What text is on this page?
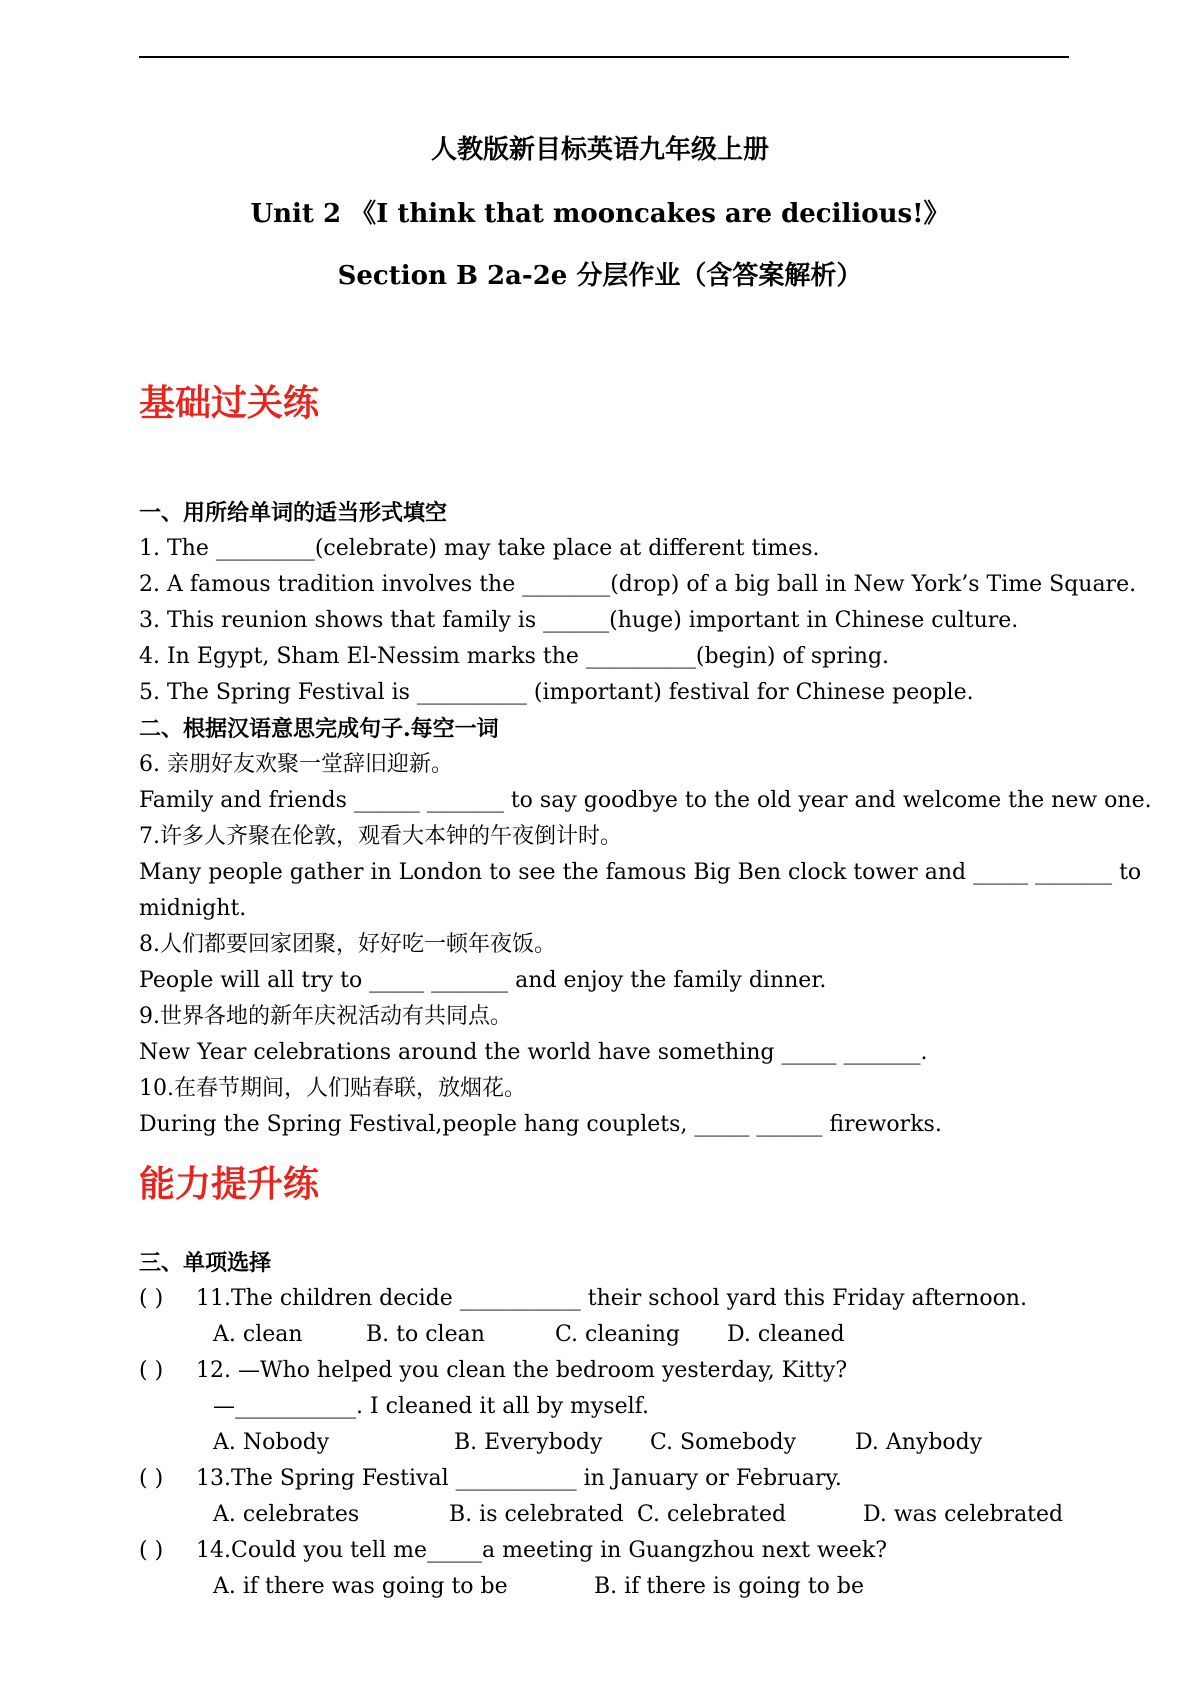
人教版新目标英语九年级上册
Unit 2 《I think that mooncakes are decilious!》
Section B 2a-2e 分层作业（含答案解析）
基础过关练
一、用所给单词的适当形式填空
1. The _________(celebrate) may take place at different times.
2. A famous tradition involves the ________(drop) of a big ball in New York’s Time Square.
3. This reunion shows that family is ______(huge) important in Chinese culture.
4. In Egypt, Sham El-Nessim marks the __________(begin) of spring.
5. The Spring Festival is __________ (important) festival for Chinese people.
二、根据汉语意思完成句子.每空一词
6. 亲朋好友欢聚一堂辞旧迎新。
Family and friends ______ _______ to say goodbye to the old year and welcome the new one.
7.许多人齐聚在伦敦，观看大本钟的午夜倒计时。
Many people gather in London to see the famous Big Ben clock tower and _____ _______ to
midnight.
8.人们都要回家团聚，好好吃一顿年夜饭。
People will all try to _____ _______ and enjoy the family dinner.
9.世界各地的新年庆祝活动有共同点。
New Year celebrations around the world have something _____ _______.
10.在春节期间，人们贴春联，放烟花。
During the Spring Festival,people hang couplets, _____ ______ fireworks.
能力提升练
三、单项选择
( ) 11.The children decide ___________ their school yard this Friday afternoon.
A. clean	B. to clean	C. cleaning D. cleaned
( ) 12. —Who helped you clean the bedroom yesterday, Kitty?
—___________. I cleaned it all by myself.
A. Nobody	B. Everybody C. Somebody	D. Anybody
( ) 13.The Spring Festival ___________ in January or February.
A. celebrates	B. is celebrated C. celebrated	D. was celebrated
( ) 14.Could you tell me_____a meeting in Guangzhou next week?
A. if there was going to be	B. if there is going to be
